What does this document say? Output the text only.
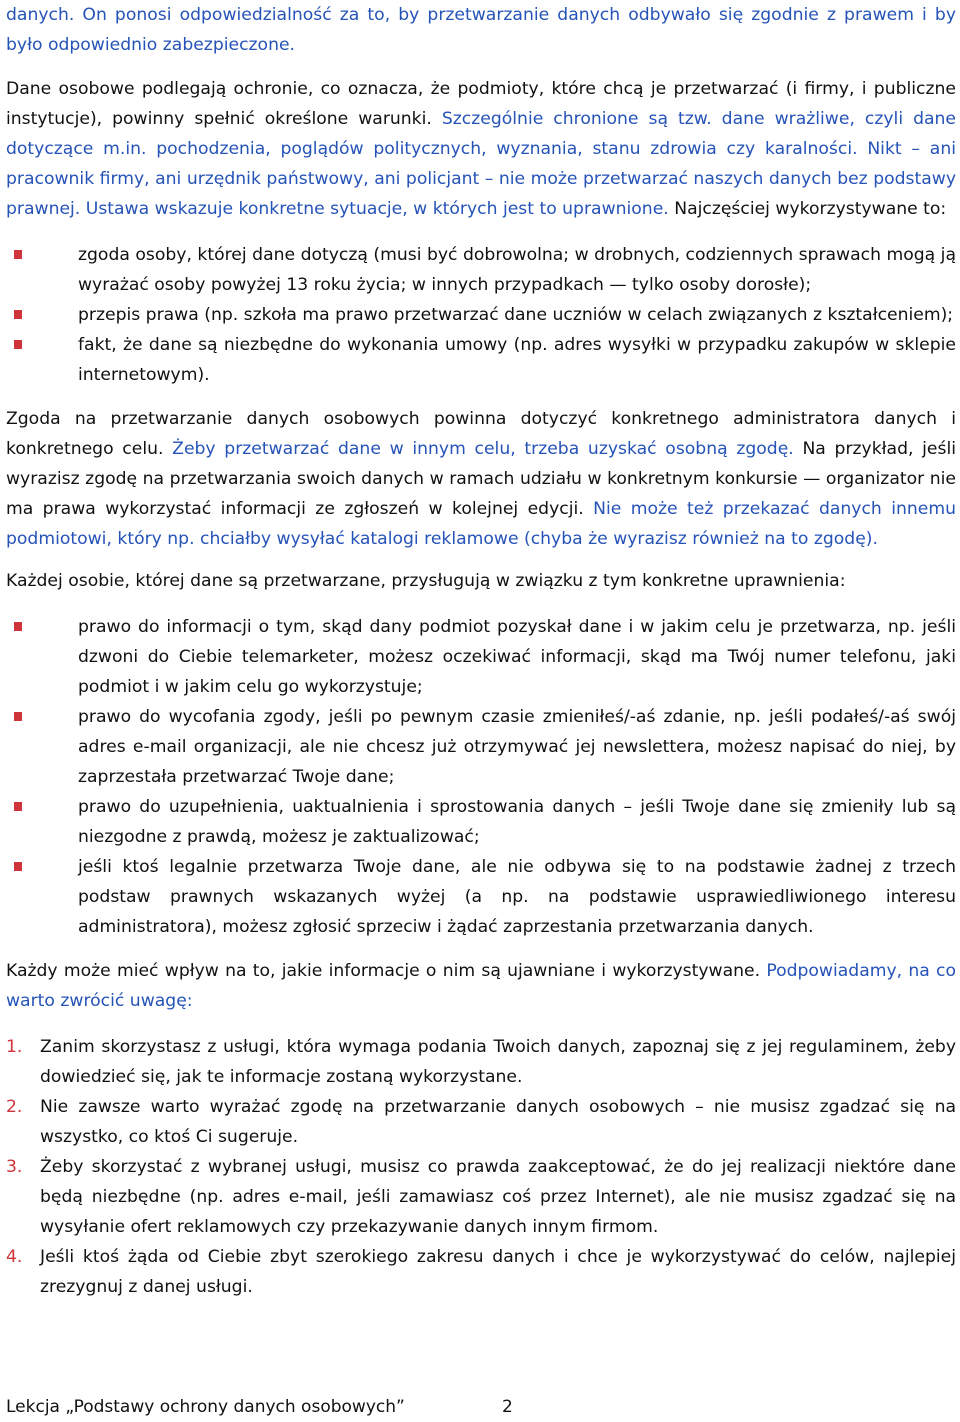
danych. On ponosi odpowiedzialność za to, by przetwarzanie danych odbywało się zgodnie z prawem i by było odpowiednio zabezpieczone.

Dane osobowe podlegają ochronie, co oznacza, że podmioty, które chcą je przetwarzać (i firmy, i publiczne instytucje), powinny spełnić określone warunki. Szczególnie chronione są tzw. dane wrażliwe, czyli dane dotyczące m.in. pochodzenia, poglądów politycznych, wyznania, stanu zdrowia czy karalności. Nikt – ani pracownik firmy, ani urzędnik państwowy, ani policjant – nie może przetwarzać naszych danych bez podstawy prawnej. Ustawa wskazuje konkretne sytuacje, w których jest to uprawnione. Najczęściej wykorzystywane to:

zgoda osoby, której dane dotyczą (musi być dobrowolna; w drobnych, codziennych sprawach mogą ją wyrażać osoby powyżej 13 roku życia; w innych przypadkach — tylko osoby dorosłe);
przepis prawa (np. szkoła ma prawo przetwarzać dane uczniów w celach związanych z kształceniem);
fakt, że dane są niezbędne do wykonania umowy (np. adres wysyłki w przypadku zakupów w sklepie internetowym).

Zgoda na przetwarzanie danych osobowych powinna dotyczyć konkretnego administratora danych i konkretnego celu. Żeby przetwarzać dane w innym celu, trzeba uzyskać osobną zgodę. Na przykład, jeśli wyrazisz zgodę na przetwarzania swoich danych w ramach udziału w konkretnym konkursie — organizator nie ma prawa wykorzystać informacji ze zgłoszeń w kolejnej edycji. Nie może też przekazać danych innemu podmiotowi, który np. chciałby wysyłać katalogi reklamowe (chyba że wyrazisz również na to zgodę).

Każdej osobie, której dane są przetwarzane, przysługują w związku z tym konkretne uprawnienia:

prawo do informacji o tym, skąd dany podmiot pozyskał dane i w jakim celu je przetwarza, np. jeśli dzwoni do Ciebie telemarketer, możesz oczekiwać informacji, skąd ma Twój numer telefonu, jaki podmiot i w jakim celu go wykorzystuje;
prawo do wycofania zgody, jeśli po pewnym czasie zmieniłeś/-aś zdanie, np. jeśli podałeś/-aś swój adres e-mail organizacji, ale nie chcesz już otrzymywać jej newslettera, możesz napisać do niej, by zaprzestała przetwarzać Twoje dane;
prawo do uzupełnienia, uaktualnienia i sprostowania danych – jeśli Twoje dane się zmieniły lub są niezgodne z prawdą, możesz je zaktualizować;
jeśli ktoś legalnie przetwarza Twoje dane, ale nie odbywa się to na podstawie żadnej z trzech podstaw prawnych wskazanych wyżej (a np. na podstawie usprawiedliwionego interesu administratora), możesz zgłosić sprzeciw i żądać zaprzestania przetwarzania danych.

Każdy może mieć wpływ na to, jakie informacje o nim są ujawniane i wykorzystywane. Podpowiadamy, na co warto zwrócić uwagę:

1. Zanim skorzystasz z usługi, która wymaga podania Twoich danych, zapoznaj się z jej regulaminem, żeby dowiedzieć się, jak te informacje zostaną wykorzystane.
2. Nie zawsze warto wyrażać zgodę na przetwarzanie danych osobowych – nie musisz zgadzać się na wszystko, co ktoś Ci sugeruje.
3. Żeby skorzystać z wybranej usługi, musisz co prawda zaakceptować, że do jej realizacji niektóre dane będą niezbędne (np. adres e-mail, jeśli zamawiasz coś przez Internet), ale nie musisz zgadzać się na wysyłanie ofert reklamowych czy przekazywanie danych innym firmom.
4. Jeśli ktoś żąda od Ciebie zbyt szerokiego zakresu danych i chce je wykorzystywać do celów, najlepiej zrezygnuj z danej usługi.
Lekcja „Podstawy ochrony danych osobowych”	2
